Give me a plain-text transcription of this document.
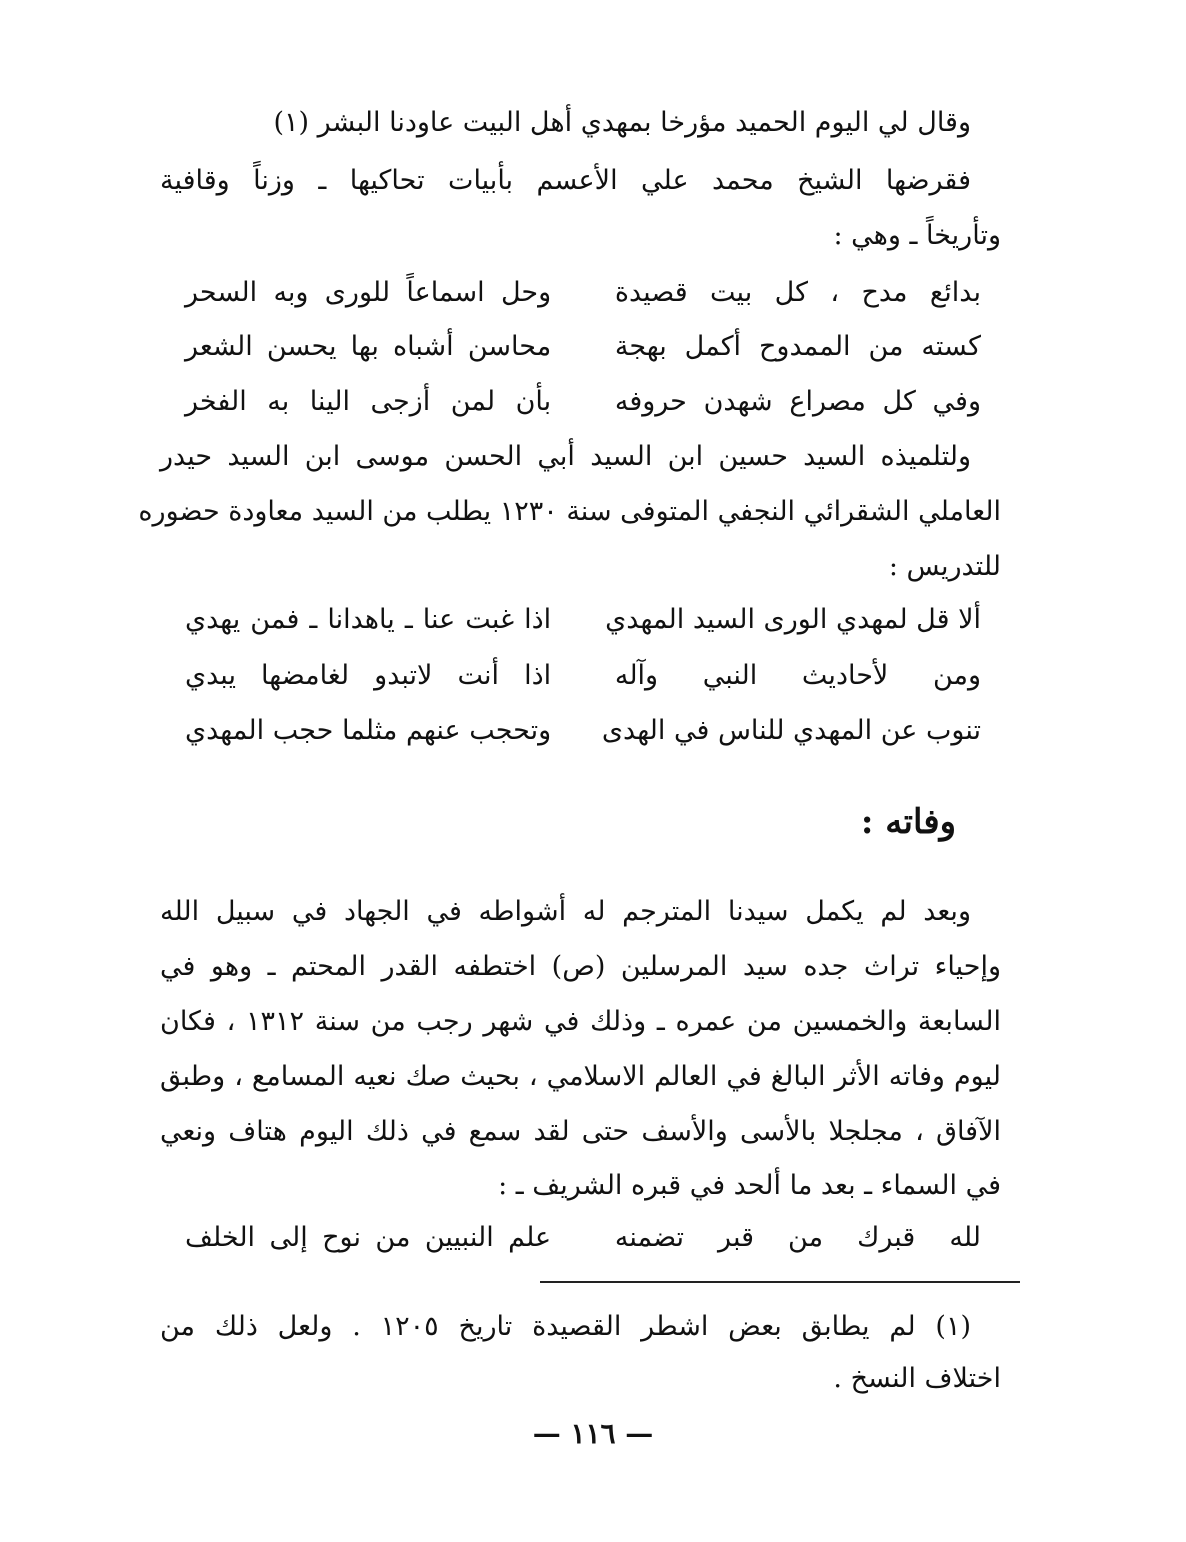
وقال لي اليوم الحميد مؤرخا بمهدي أهل البيت عاودنا البشر (١)
فقرضها الشيخ محمد علي الأعسم بأبيات تحاكيها ـ وزناً وقافية
وتأريخاً ـ وهي :
بدائع مدح ، كل بيت قصيدة
وحل اسماعاً للورى وبه السحر
كسته من الممدوح أكمل بهجة
محاسن أشباه بها يحسن الشعر
وفي كل مصراع شهدن حروفه
بأن لمن أزجى الينا به الفخر
ولتلميذه السيد حسين ابن السيد أبي الحسن موسى ابن السيد حيدر
العاملي الشقرائي النجفي المتوفى سنة ١٢٣٠ يطلب من السيد معاودة حضوره
للتدريس :
ألا قل لمهدي الورى السيد المهدي
اذا غبت عنا ـ ياهدانا ـ فمن يهدي
ومن لأحاديث النبي وآله
اذا أنت لاتبدو لغامضها يبدي
تنوب عن المهدي للناس في الهدى
وتحجب عنهم مثلما حجب المهدي
وفاته :
وبعد لم يكمل سيدنا المترجم له أشواطه في الجهاد في سبيل الله
وإحياء تراث جده سيد المرسلين (ص) اختطفه القدر المحتم ـ وهو في
السابعة والخمسين من عمره ـ وذلك في شهر رجب من سنة ١٣١٢ ، فكان
ليوم وفاته الأثر البالغ في العالم الاسلامي ، بحيث صك نعيه المسامع ، وطبق
الآفاق ، مجلجلا بالأسى والأسف حتى لقد سمع في ذلك اليوم هتاف ونعي
في السماء ـ بعد ما ألحد في قبره الشريف ـ :
لله قبرك من قبر تضمنه
علم النبيين من نوح إلى الخلف
(١) لم يطابق بعض اشطر القصيدة تاريخ ١٢٠٥ . ولعل ذلك من
اختلاف النسخ .
— ١١٦ —
